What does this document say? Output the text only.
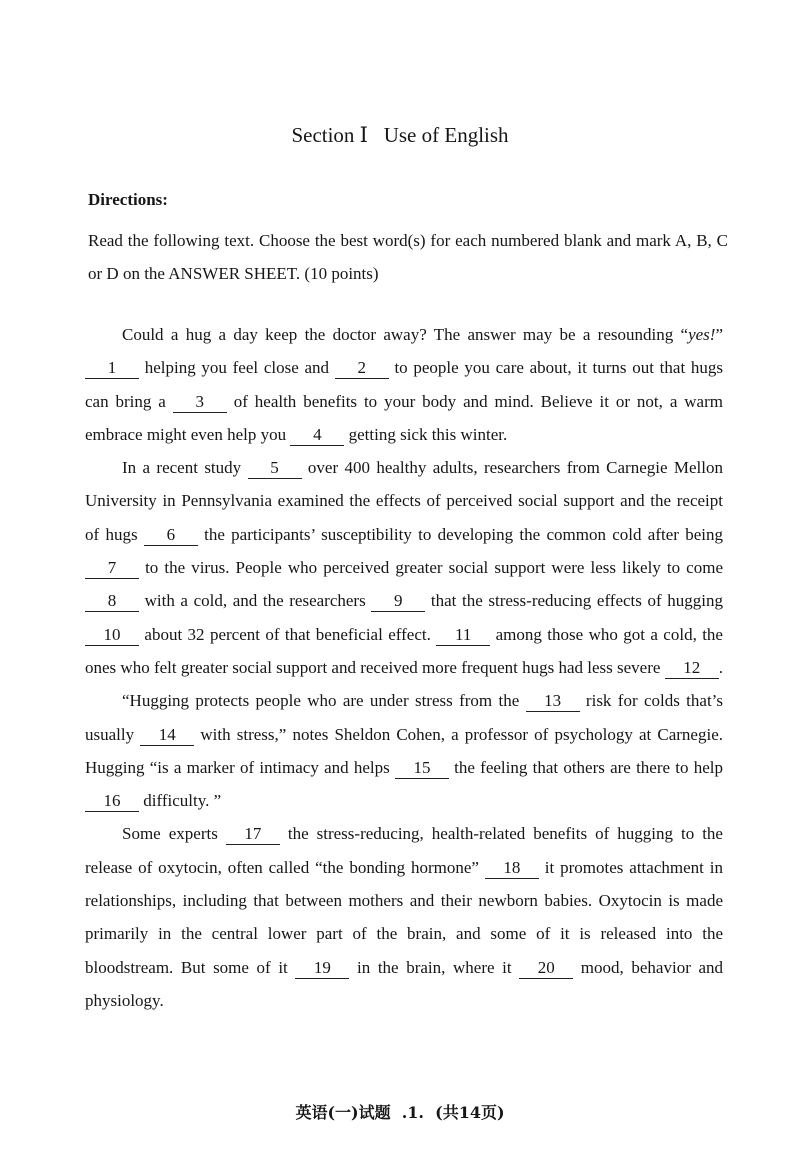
Section Ⅰ   Use of English
Directions:
Read the following text. Choose the best word(s) for each numbered blank and mark A, B, C or D on the ANSWER SHEET. (10 points)

Could a hug a day keep the doctor away? The answer may be a resounding “yes!” 1 helping you feel close and 2 to people you care about, it turns out that hugs can bring a 3 of health benefits to your body and mind. Believe it or not, a warm embrace might even help you 4 getting sick this winter.

In a recent study 5 over 400 healthy adults, researchers from Carnegie Mellon University in Pennsylvania examined the effects of perceived social support and the receipt of hugs 6 the participants’ susceptibility to developing the common cold after being 7 to the virus. People who perceived greater social support were less likely to come 8 with a cold, and the researchers 9 that the stress-reducing effects of hugging 10 about 32 percent of that beneficial effect. 11 among those who got a cold, the ones who felt greater social support and received more frequent hugs had less severe 12 .

“Hugging protects people who are under stress from the 13 risk for colds that’s usually 14 with stress,” notes Sheldon Cohen, a professor of psychology at Carnegie. Hugging “is a marker of intimacy and helps 15 the feeling that others are there to help 16 difficulty. ”

Some experts 17 the stress-reducing, health-related benefits of hugging to the release of oxytocin, often called “the bonding hormone” 18 it promotes attachment in relationships, including that between mothers and their newborn babies. Oxytocin is made primarily in the central lower part of the brain, and some of it is released into the bloodstream. But some of it 19 in the brain, where it 20 mood, behavior and physiology.

英语(一)试题  .1.  (共14页)
